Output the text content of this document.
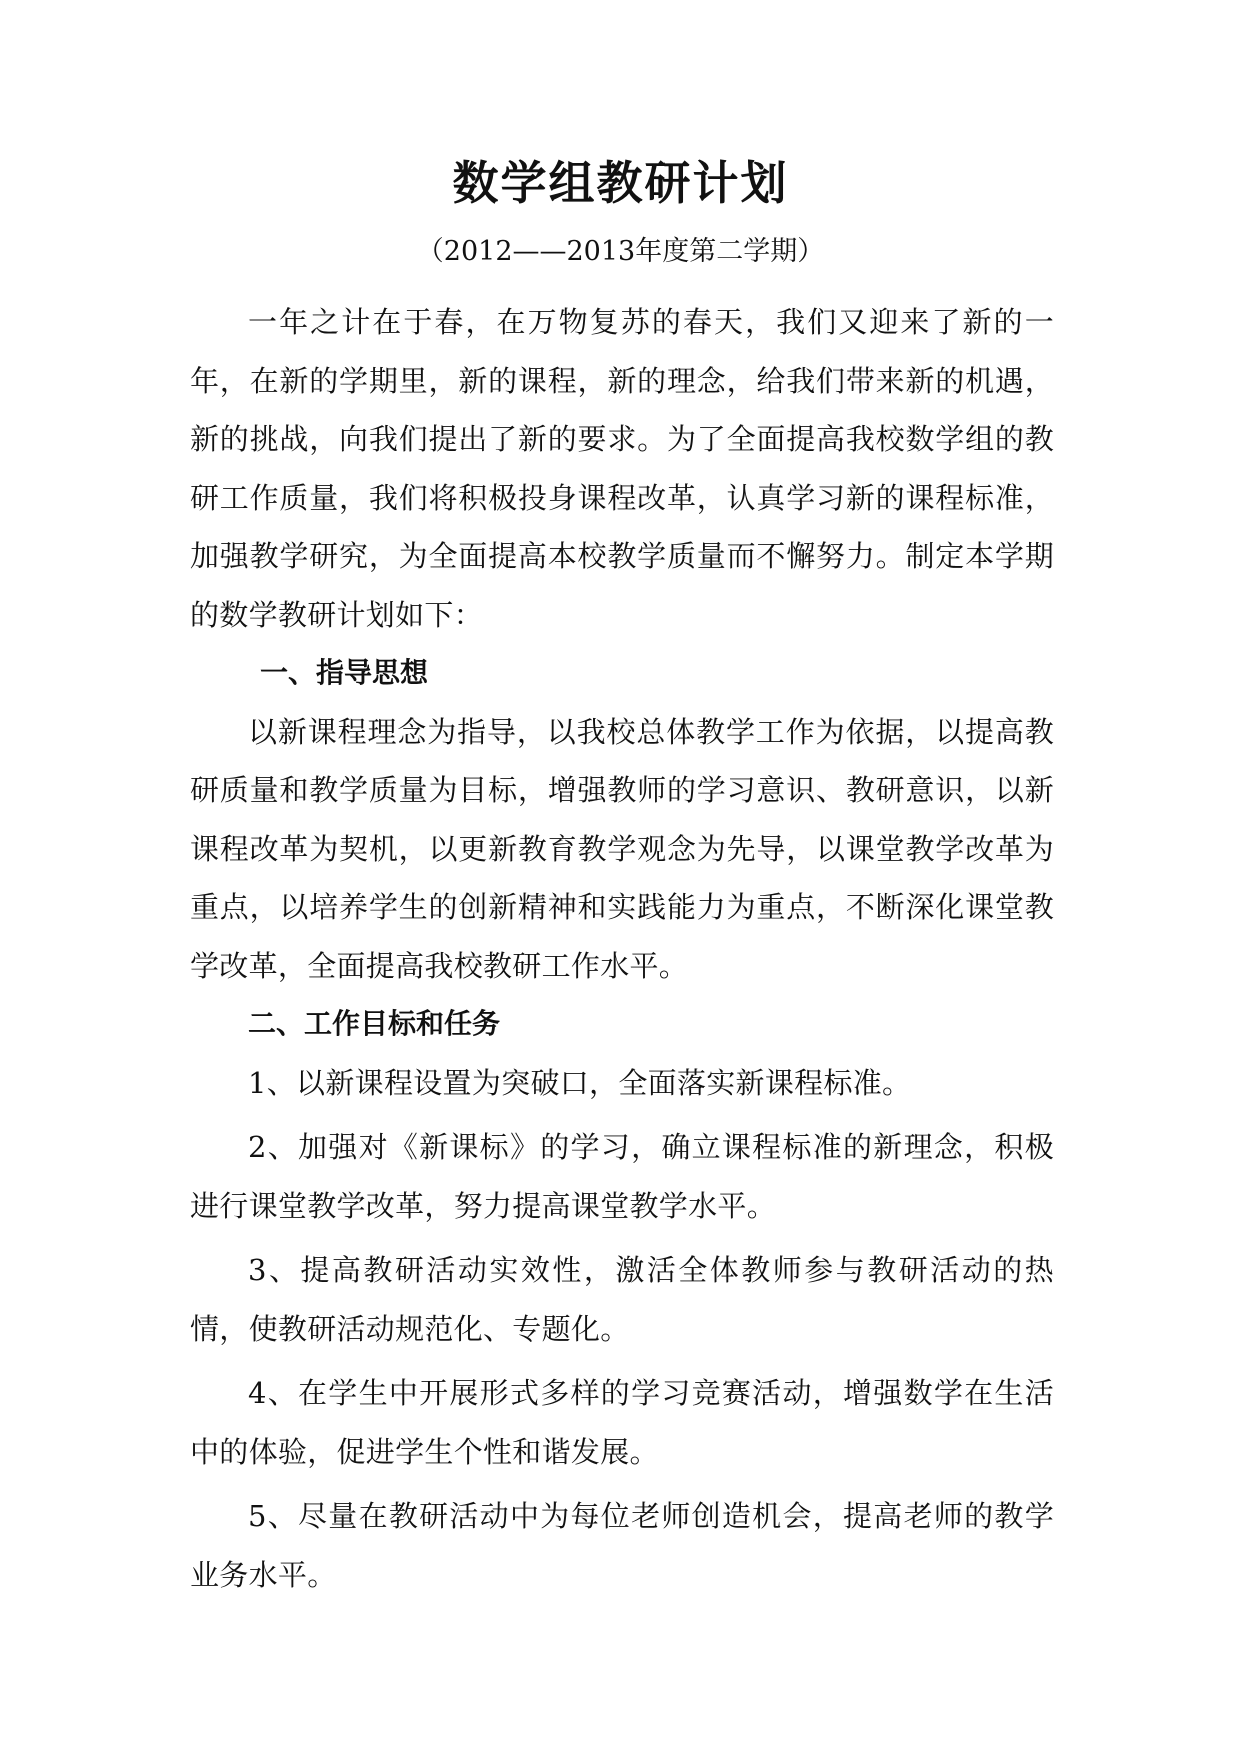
数学组教研计划

（2012——2013年度第二学期）

一年之计在于春，在万物复苏的春天，我们又迎来了新的一年，在新的学期里，新的课程，新的理念，给我们带来新的机遇，新的挑战，向我们提出了新的要求。为了全面提高我校数学组的教研工作质量，我们将积极投身课程改革，认真学习新的课程标准，加强教学研究，为全面提高本校教学质量而不懈努力。制定本学期的数学教研计划如下：

一、指导思想

以新课程理念为指导，以我校总体教学工作为依据，以提高教研质量和教学质量为目标，增强教师的学习意识、教研意识，以新课程改革为契机，以更新教育教学观念为先导，以课堂教学改革为重点，以培养学生的创新精神和实践能力为重点，不断深化课堂教学改革，全面提高我校教研工作水平。

二、工作目标和任务

1、以新课程设置为突破口，全面落实新课程标准。

2、加强对《新课标》的学习，确立课程标准的新理念，积极进行课堂教学改革，努力提高课堂教学水平。

3、提高教研活动实效性，激活全体教师参与教研活动的热情，使教研活动规范化、专题化。

4、在学生中开展形式多样的学习竞赛活动，增强数学在生活中的体验，促进学生个性和谐发展。

5、尽量在教研活动中为每位老师创造机会，提高老师的教学业务水平。
